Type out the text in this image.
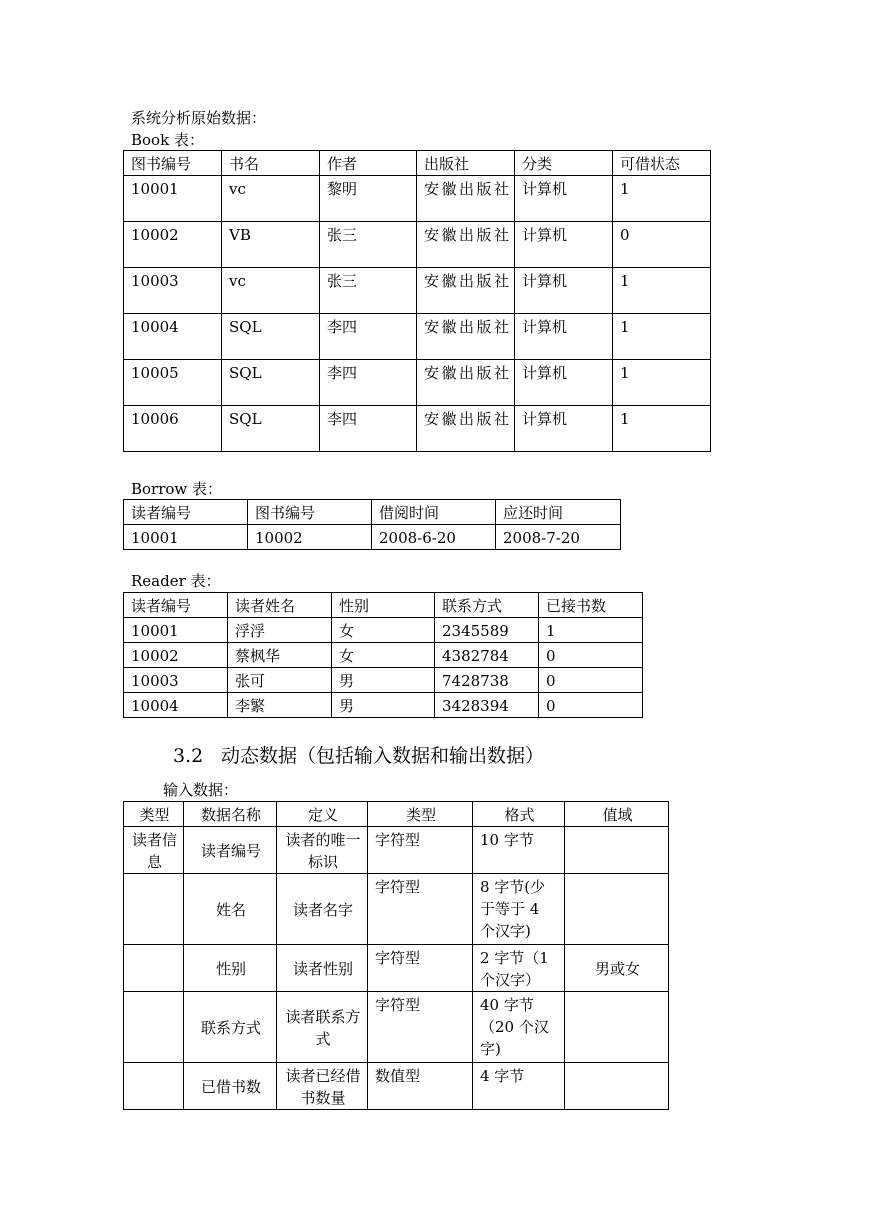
系统分析原始数据：
Book 表：
图书编号	书名	作者	出版社	分类	可借状态
10001	vc	黎明	安徽出版社	计算机	1
10002	VB	张三	安徽出版社	计算机	0
10003	vc	张三	安徽出版社	计算机	1
10004	SQL	李四	安徽出版社	计算机	1
10005	SQL	李四	安徽出版社	计算机	1
10006	SQL	李四	安徽出版社	计算机	1
Borrow 表：
读者编号	图书编号	借阅时间	应还时间
10001	10002	2008-6-20	2008-7-20
Reader 表：
读者编号	读者姓名	性别	联系方式	已接书数
10001	浮浮	女	2345589	1
10002	蔡枫华	女	4382784	0
10003	张可	男	7428738	0
10004	李繁	男	3428394	0
3.2 动态数据（包括输入数据和输出数据）
输入数据：
类型	数据名称	定义	类型	格式	值域
读者信息	读者编号	读者的唯一标识	字符型	10 字节	
	姓名	读者名字	字符型	8 字节(少于等于 4 个汉字)	
	性别	读者性别	字符型	2 字节（1 个汉字）	男或女
	联系方式	读者联系方式	字符型	40 字节（20 个汉字)	
	已借书数	读者已经借书数量	数值型	4 字节	
